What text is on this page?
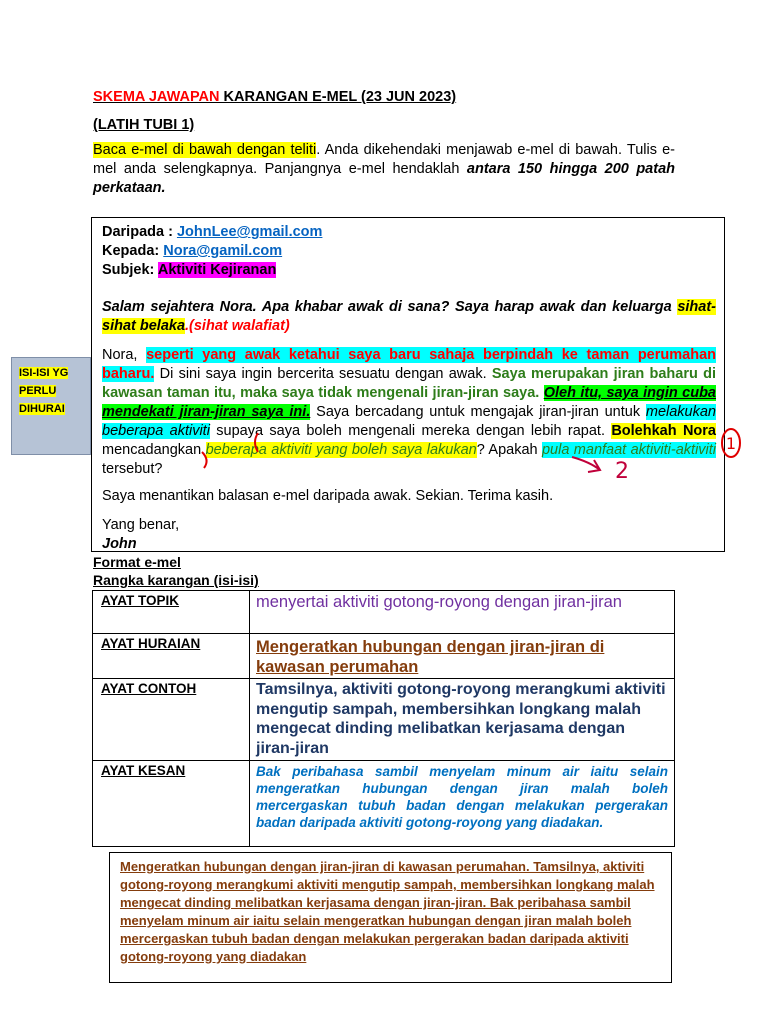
SKEMA JAWAPAN KARANGAN E-MEL (23 JUN 2023)
(LATIH TUBI 1)
Baca e-mel di bawah dengan teliti. Anda dikehendaki menjawab e-mel di bawah. Tulis e-mel anda selengkapnya. Panjangnya e-mel hendaklah antara 150 hingga 200 patah perkataan.
Daripada : JohnLee@gmail.com
Kepada: Nora@gamil.com
Subjek: Aktiviti Kejiranan
Salam sejahtera Nora. Apa khabar awak di sana? Saya harap awak dan keluarga sihat-sihat belaka.(sihat walafiat)
Nora, seperti yang awak ketahui saya baru sahaja berpindah ke taman perumahan baharu. Di sini saya ingin bercerita sesuatu dengan awak. Saya merupakan jiran baharu di kawasan taman itu, maka saya tidak mengenali jiran-jiran saya. Oleh itu, saya ingin cuba mendekati jiran-jiran saya ini. Saya bercadang untuk mengajak jiran-jiran untuk melakukan beberapa aktiviti supaya saya boleh mengenali mereka dengan lebih rapat. Bolehkah Nora mencadangkan beberapa aktiviti yang boleh saya lakukan? Apakah pula manfaat aktiviti-aktiviti tersebut?
Saya menantikan balasan e-mel daripada awak. Sekian. Terima kasih.
Yang benar,
John
ISI-ISI YG
PERLU
DIHURAI
Format e-mel
Rangka karangan (isi-isi)
AYAT TOPIK	menyertai aktiviti gotong-royong dengan jiran-jiran

AYAT HURAIAN	Mengeratkan hubungan dengan jiran-jiran di kawasan perumahan

AYAT CONTOH	Tamsilnya, aktiviti gotong-royong merangkumi aktiviti mengutip sampah, membersihkan longkang malah mengecat dinding melibatkan kerjasama dengan jiran-jiran

AYAT KESAN	Bak peribahasa sambil menyelam minum air iaitu selain mengeratkan hubungan dengan jiran malah boleh mercergaskan tubuh badan dengan melakukan pergerakan badan daripada aktiviti gotong-royong yang diadakan.
Mengeratkan hubungan dengan jiran-jiran di kawasan perumahan. Tamsilnya, aktiviti gotong-royong merangkumi aktiviti mengutip sampah, membersihkan longkang malah mengecat dinding melibatkan kerjasama dengan jiran-jiran. Bak peribahasa sambil menyelam minum air iaitu selain mengeratkan hubungan dengan jiran malah boleh mercergaskan tubuh badan dengan melakukan pergerakan badan daripada aktiviti gotong-royong yang diadakan
1
2
